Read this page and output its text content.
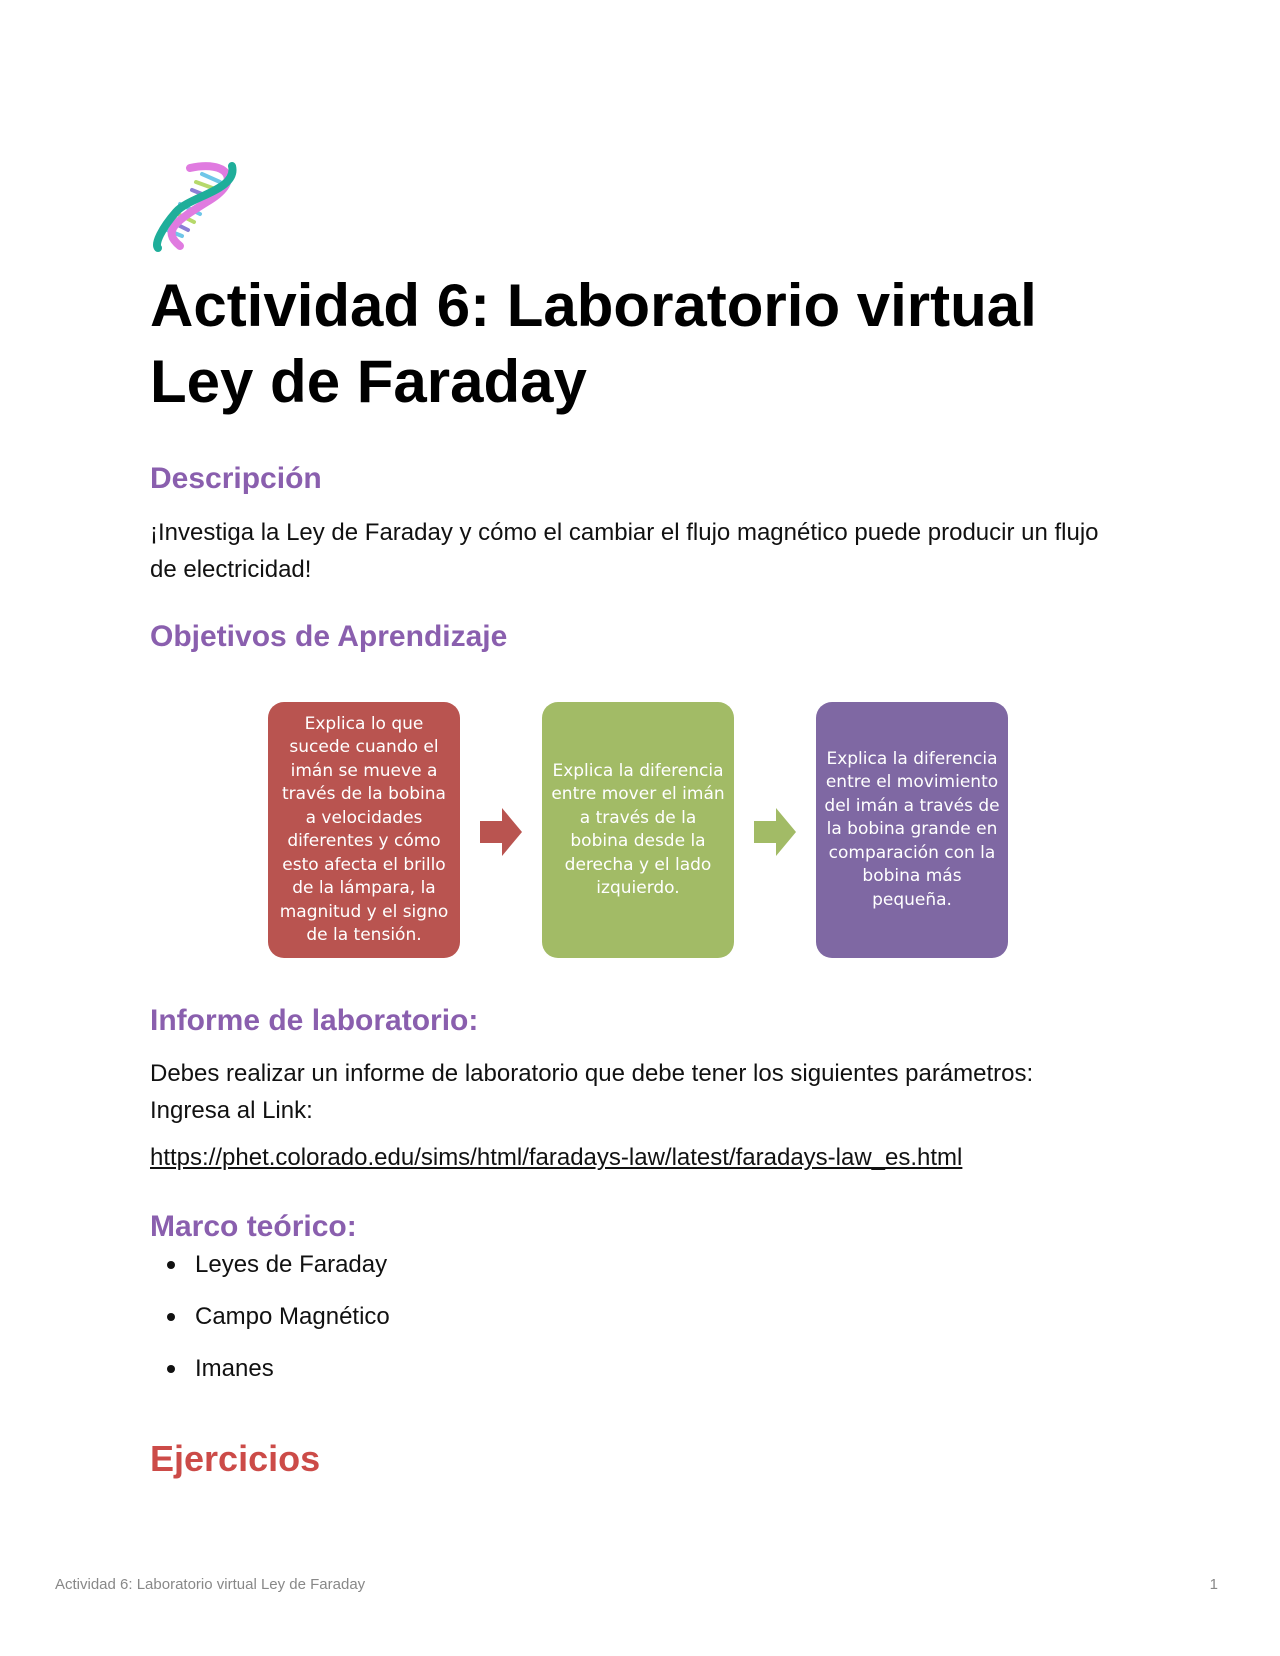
Actividad 6: Laboratorio virtual Ley de Faraday
Descripción

¡Investiga la Ley de Faraday y cómo el cambiar el flujo magnético puede producir un flujo de electricidad!

Objetivos de Aprendizaje
Explica lo que sucede cuando el imán se mueve a través de la bobina a velocidades diferentes y cómo esto afecta el brillo de la lámpara, la magnitud y el signo de la tensión.
Explica la diferencia entre mover el imán a través de la bobina desde la derecha y el lado izquierdo.
Explica la diferencia entre el movimiento del imán a través de la bobina grande en comparación con la bobina más pequeña.
Informe de laboratorio:

Debes realizar un informe de laboratorio que debe tener los siguientes parámetros: Ingresa al Link:

https://phet.colorado.edu/sims/html/faradays-law/latest/faradays-law_es.html
Marco teórico:
Leyes de Faraday
Campo Magnético
Imanes
Ejercicios
Actividad 6: Laboratorio virtual Ley de Faraday	1
